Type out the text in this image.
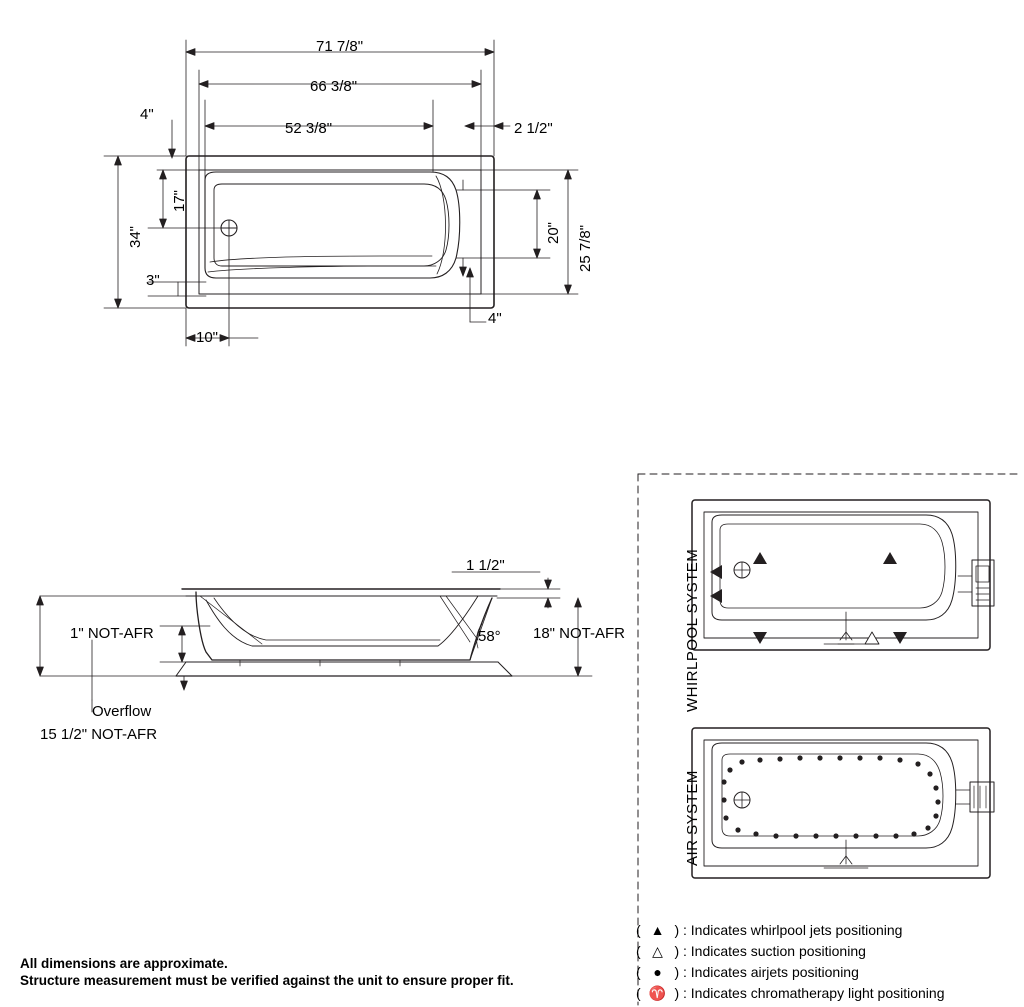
71 7/8"
66 3/8"
52 3/8"
4"
2 1/2"
34"
17"
20" 25 7/8"
3"
10"
4"
1 1/2"
1" NOT-AFR	58° 18" NOT-AFR
Overflow
15 1/2" NOT-AFR
WHIRLPOOL SYSTEM
AIR SYSTEM
( ▲ ) : Indicates whirlpool jets positioning
( △ ) : Indicates suction positioning
( ● ) : Indicates airjets positioning
( ♈ ) : Indicates chromatherapy light positioning
All dimensions are approximate.
Structure measurement must be verified against the unit to ensure proper fit.
